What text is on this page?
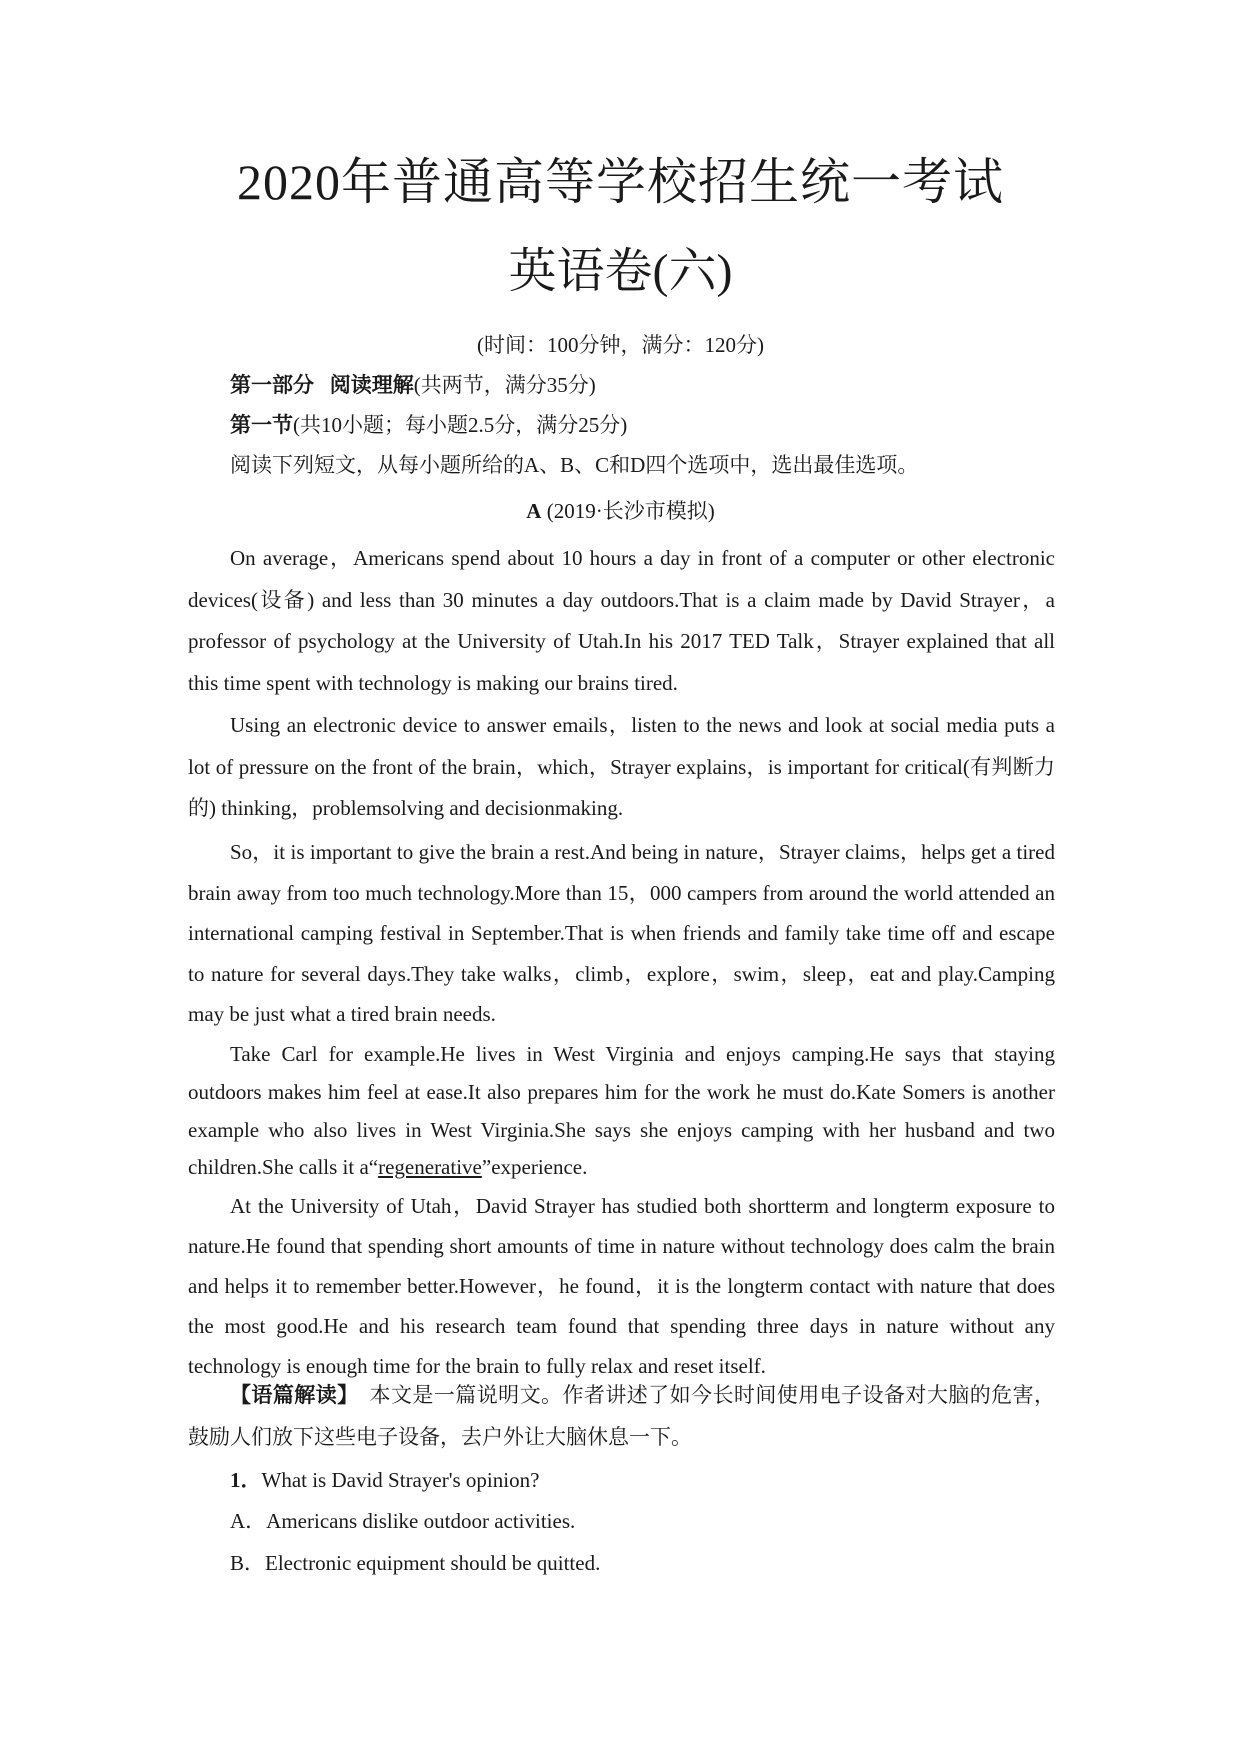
2020年普通高等学校招生统一考试
英语卷(六)
(时间：100分钟，满分：120分)
第一部分 阅读理解(共两节，满分35分)
第一节(共10小题；每小题2.5分，满分25分)
阅读下列短文，从每小题所给的A、B、C和D四个选项中，选出最佳选项。
A (2019·长沙市模拟)
On average，Americans spend about 10 hours a day in front of a computer or other electronic devices(设备) and less than 30 minutes a day outdoors.That is a claim made by David Strayer，a professor of psychology at the University of Utah.In his 2017 TED Talk，Strayer explained that all this time spent with technology is making our brains tired.
Using an electronic device to answer emails，listen to the news and look at social media puts a lot of pressure on the front of the brain，which，Strayer explains，is important for critical(有判断力的) thinking，problemsolving and decisionmaking.
So，it is important to give the brain a rest.And being in nature，Strayer claims，helps get a tired brain away from too much technology.More than 15，000 campers from around the world attended an international camping festival in September.That is when friends and family take time off and escape to nature for several days.They take walks，climb，explore，swim，sleep，eat and play.Camping may be just what a tired brain needs.
Take Carl for example.He lives in West Virginia and enjoys camping.He says that staying outdoors makes him feel at ease.It also prepares him for the work he must do.Kate Somers is another example who also lives in West Virginia.She says she enjoys camping with her husband and two children.She calls it a“regenerative”experience.
At the University of Utah，David Strayer has studied both shortterm and longterm exposure to nature.He found that spending short amounts of time in nature without technology does calm the brain and helps it to remember better.However，he found，it is the longterm contact with nature that does the most good.He and his research team found that spending three days in nature without any technology is enough time for the brain to fully relax and reset itself.
【语篇解读】　本文是一篇说明文。作者讲述了如今长时间使用电子设备对大脑的危害，鼓励人们放下这些电子设备，去户外让大脑休息一下。
1．What is David Strayer's opinion?
A．Americans dislike outdoor activities.
B．Electronic equipment should be quitted.
